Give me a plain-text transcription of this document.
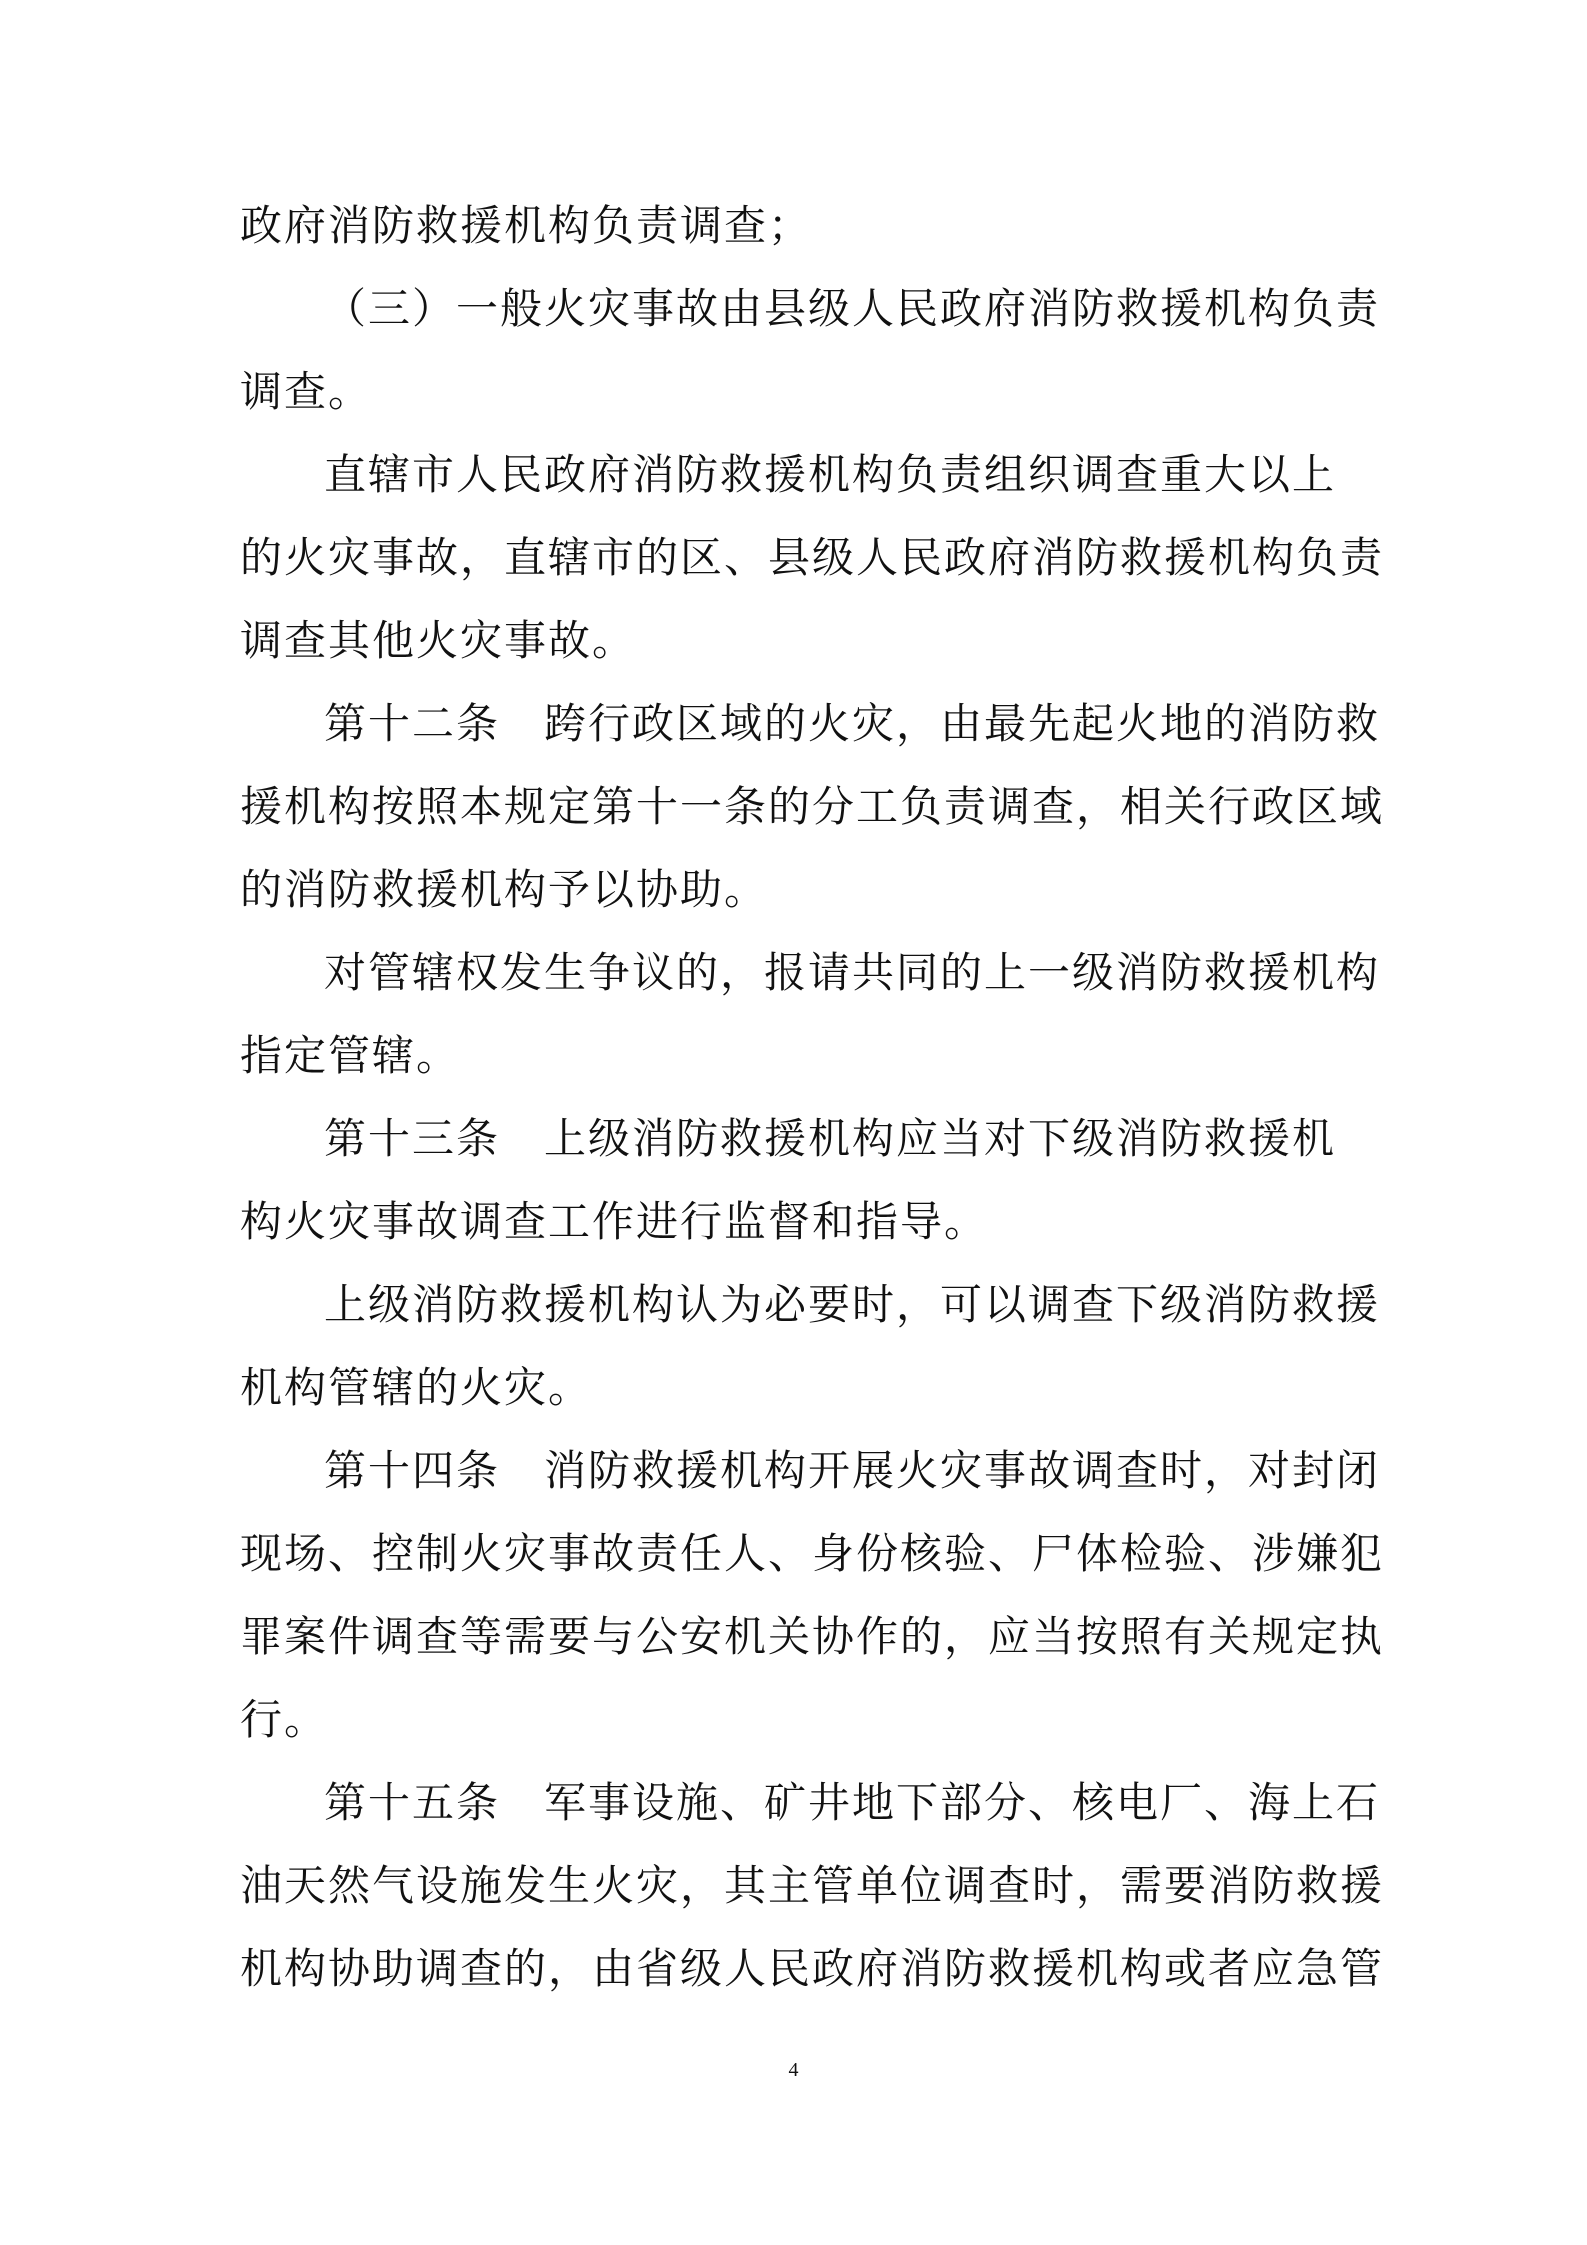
政府消防救援机构负责调查；
（三）一般火灾事故由县级人民政府消防救援机构负责
调查。
直辖市人民政府消防救援机构负责组织调查重大以上
的火灾事故，直辖市的区、县级人民政府消防救援机构负责
调查其他火灾事故。
第十二条　跨行政区域的火灾，由最先起火地的消防救
援机构按照本规定第十一条的分工负责调查，相关行政区域
的消防救援机构予以协助。
对管辖权发生争议的，报请共同的上一级消防救援机构
指定管辖。
第十三条　上级消防救援机构应当对下级消防救援机
构火灾事故调查工作进行监督和指导。
上级消防救援机构认为必要时，可以调查下级消防救援
机构管辖的火灾。
第十四条　消防救援机构开展火灾事故调查时，对封闭
现场、控制火灾事故责任人、身份核验、尸体检验、涉嫌犯
罪案件调查等需要与公安机关协作的，应当按照有关规定执
行。
第十五条　军事设施、矿井地下部分、核电厂、海上石
油天然气设施发生火灾，其主管单位调查时，需要消防救援
机构协助调查的，由省级人民政府消防救援机构或者应急管
4
